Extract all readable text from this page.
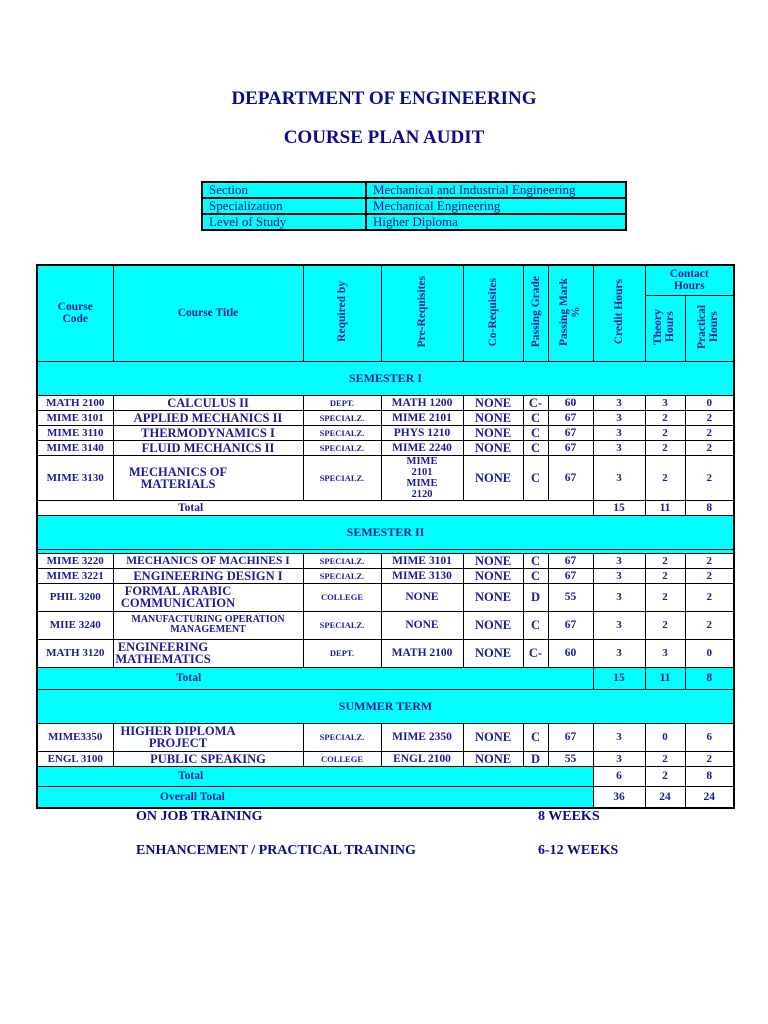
DEPARTMENT OF ENGINEERING
COURSE PLAN AUDIT
Section	Mechanical and Industrial Engineering
Specialization	Mechanical Engineering
Level of Study	Higher Diploma
Course Code	Course Title	Required by	Pre-Requisites	Co-Requisites	Passing Grade	Passing Mark %	Credit Hours	Contact Hours	
								Theory Hours	Practical Hours
SEMESTER I									
MATH 2100	CALCULUS II	DEPT.	MATH 1200	NONE	C-	60	3	3	0
MIME 3101	APPLIED MECHANICS II	SPECIALZ.	MIME 2101	NONE	C	67	3	2	2
MIME 3110	THERMODYNAMICS I	SPECIALZ.	PHYS 1210	NONE	C	67	3	2	2
MIME 3140	FLUID MECHANICS II	SPECIALZ.	MIME 2240	NONE	C	67	3	2	2
MIME 3130	MECHANICS OF MATERIALS	SPECIALZ.	MIME 2101 MIME 2120	NONE	C	67	3	2	2
Total							15	11	8
SEMESTER II									

MIME 3220	MECHANICS OF MACHINES I	SPECIALZ.	MIME 3101	NONE	C	67	3	2	2
MIME 3221	ENGINEERING DESIGN I	SPECIALZ.	MIME 3130	NONE	C	67	3	2	2
PHIL 3200	FORMAL ARABIC COMMUNICATION	COLLEGE	NONE	NONE	D	55	3	2	2
MIIE 3240	MANUFACTURING OPERATION MANAGEMENT	SPECIALZ.	NONE	NONE	C	67	3	2	2
MATH 3120	ENGINEERING MATHEMATICS	DEPT.	MATH 2100	NONE	C-	60	3	3	0
Total							15	11	8
SUMMER TERM									
MIME3350	HIGHER DIPLOMA PROJECT	SPECIALZ.	MIME 2350	NONE	C	67	3	0	6
ENGL 3100	PUBLIC SPEAKING	COLLEGE	ENGL 2100	NONE	D	55	3	2	2
Total							6	2	8
Overall Total							36	24	24
ON JOB TRAINING	8 WEEKS
ENHANCEMENT / PRACTICAL TRAINING	6-12 WEEKS
